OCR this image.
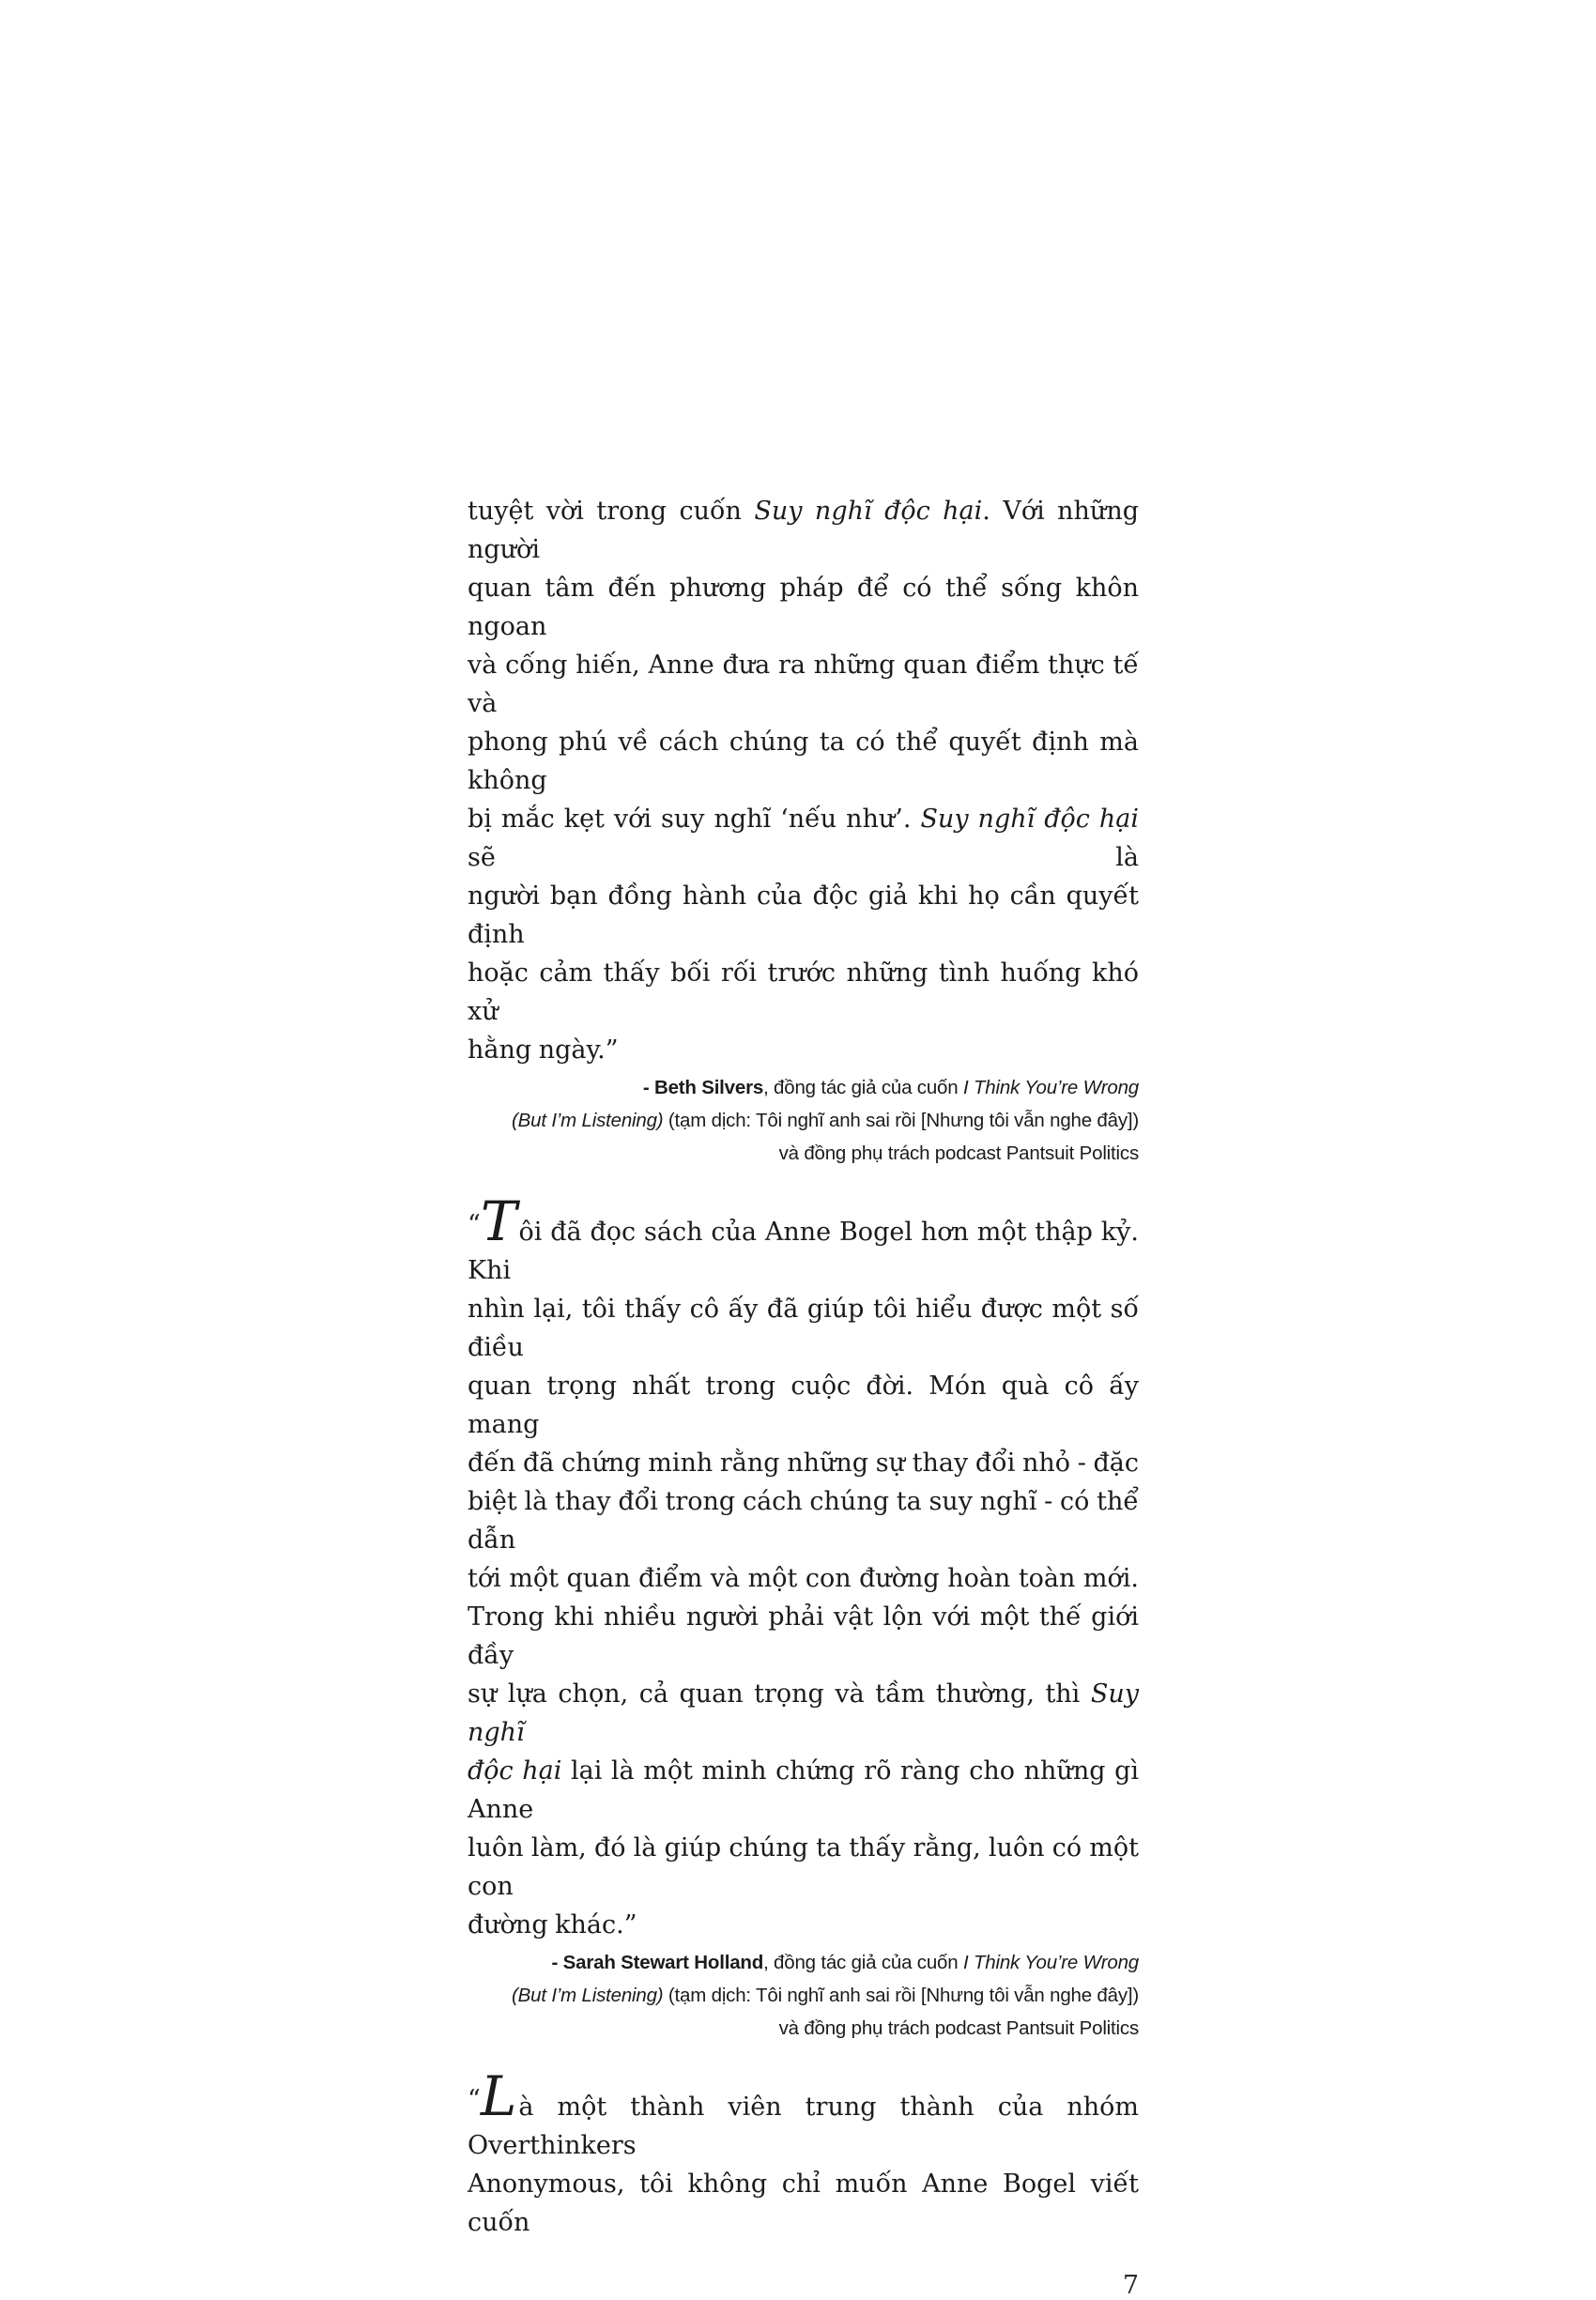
tuyệt vời trong cuốn Suy nghĩ độc hại. Với những người
quan tâm đến phương pháp để có thể sống khôn ngoan
và cống hiến, Anne đưa ra những quan điểm thực tế và
phong phú về cách chúng ta có thể quyết định mà không
bị mắc kẹt với suy nghĩ ‘nếu như’. Suy nghĩ độc hại sẽ là
người bạn đồng hành của độc giả khi họ cần quyết định
hoặc cảm thấy bối rối trước những tình huống khó xử
hằng ngày.”
- Beth Silvers, đồng tác giả của cuốn I Think You’re Wrong
(But I’m Listening) (tạm dịch: Tôi nghĩ anh sai rồi [Nhưng tôi vẫn nghe đây])
và đồng phụ trách podcast Pantsuit Politics
“T ôi đã đọc sách của Anne Bogel hơn một thập kỷ. Khi
nhìn lại, tôi thấy cô ấy đã giúp tôi hiểu được một số điều
quan trọng nhất trong cuộc đời. Món quà cô ấy mang
đến đã chứng minh rằng những sự thay đổi nhỏ - đặc
biệt là thay đổi trong cách chúng ta suy nghĩ - có thể dẫn
tới một quan điểm và một con đường hoàn toàn mới.
Trong khi nhiều người phải vật lộn với một thế giới đầy
sự lựa chọn, cả quan trọng và tầm thường, thì Suy nghĩ
độc hại lại là một minh chứng rõ ràng cho những gì Anne
luôn làm, đó là giúp chúng ta thấy rằng, luôn có một con
đường khác.”
- Sarah Stewart Holland, đồng tác giả của cuốn I Think You’re Wrong
(But I’m Listening) (tạm dịch: Tôi nghĩ anh sai rồi [Nhưng tôi vẫn nghe đây])
và đồng phụ trách podcast Pantsuit Politics
“L à một thành viên trung thành của nhóm Overthinkers
Anonymous, tôi không chỉ muốn Anne Bogel viết cuốn
7
